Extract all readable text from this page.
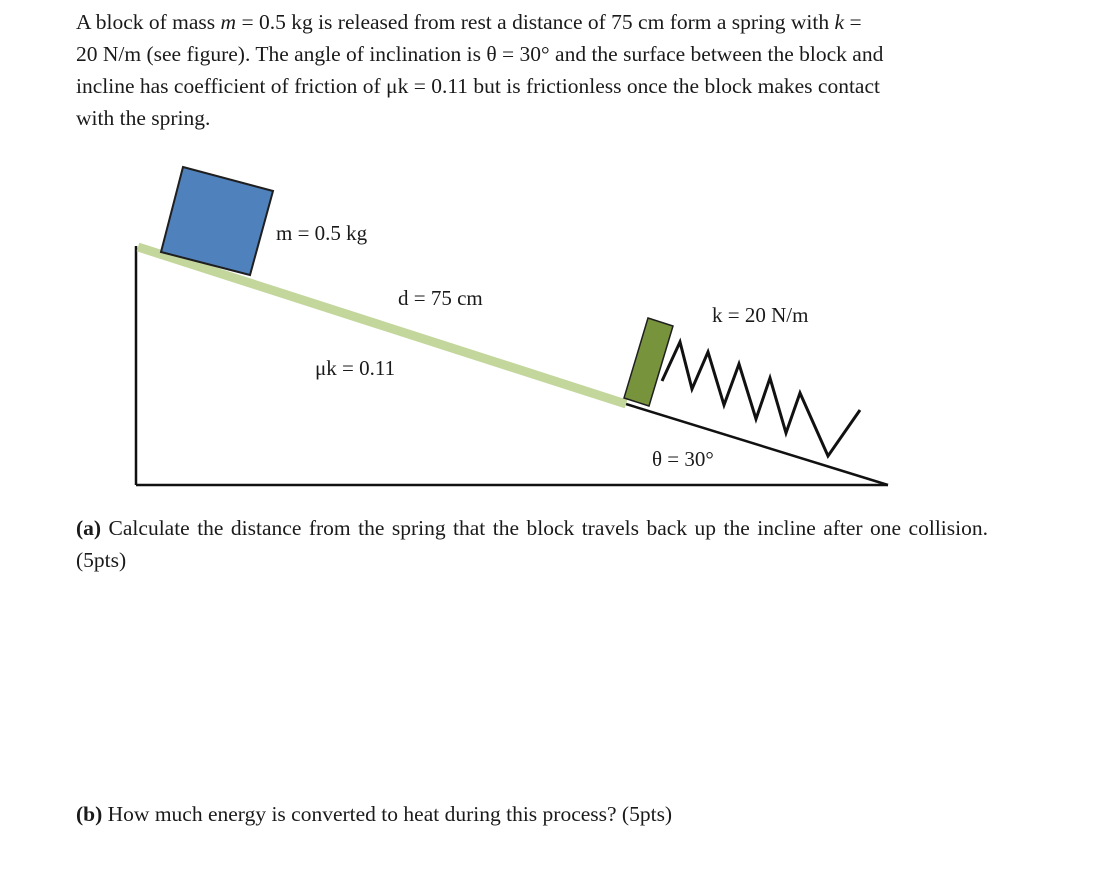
A block of mass m = 0.5 kg is released from rest a distance of 75 cm form a spring with k =
20 N/m (see figure). The angle of inclination is θ = 30° and the surface between the block and
incline has coefficient of friction of μk = 0.11 but is frictionless once the block makes contact
with the spring.
m = 0.5 kg
d = 75 cm
μk = 0.11
k = 20 N/m
θ = 30°
(a) Calculate the distance from the spring that the block travels back up the incline after one collision. (5pts)
(b) How much energy is converted to heat during this process? (5pts)
